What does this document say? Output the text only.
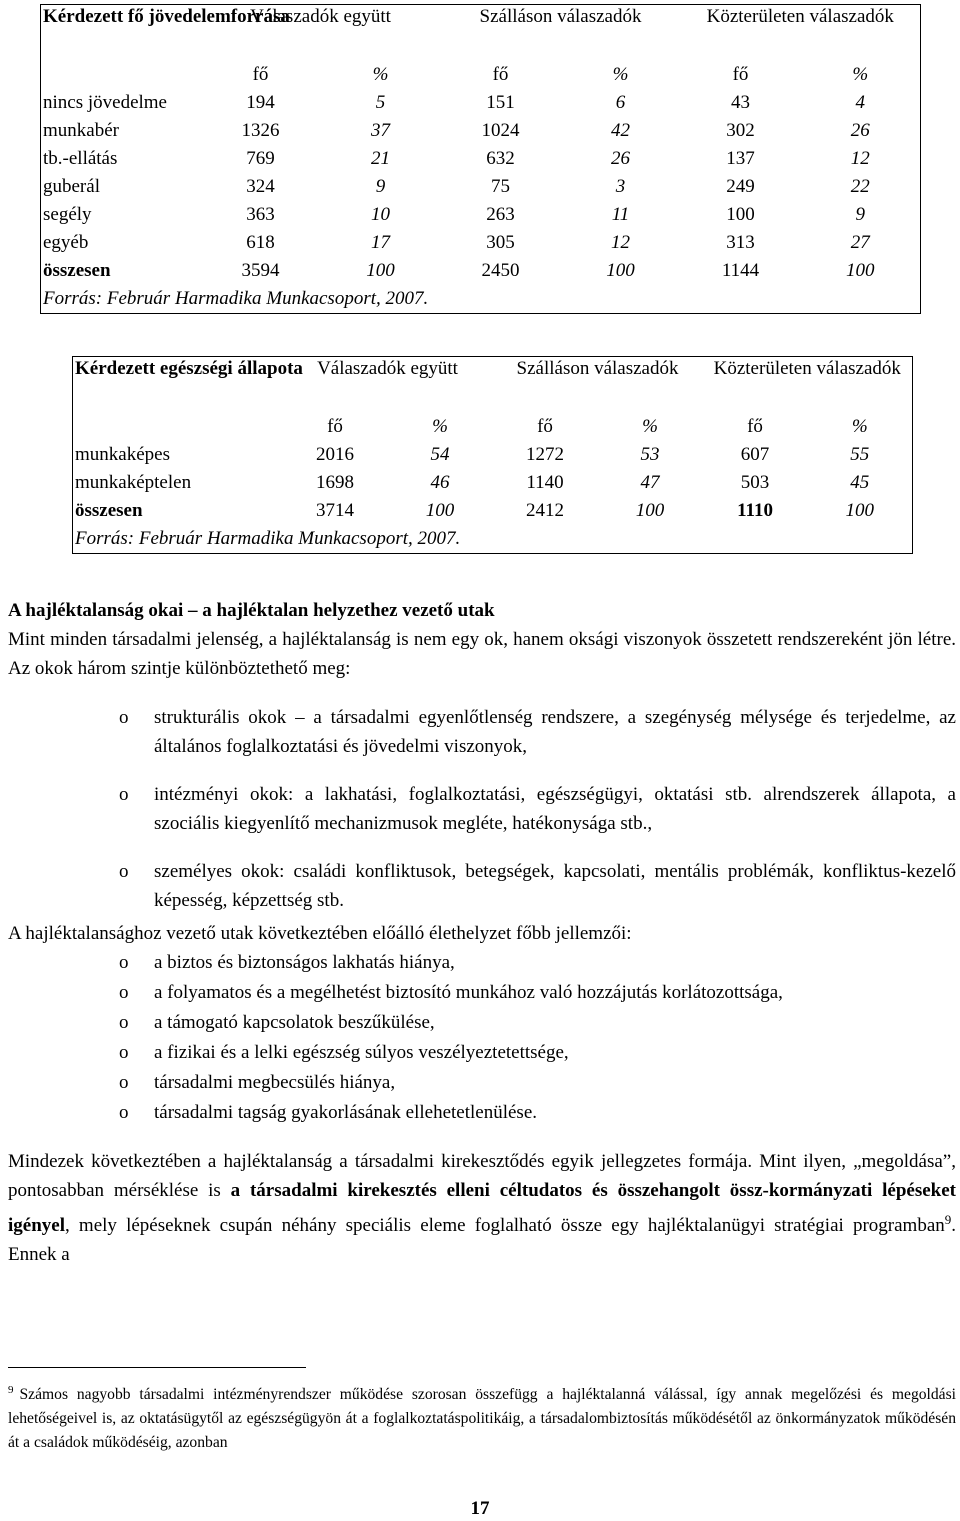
Kérdezett fő jövedelemforrása	Válaszadók együtt		Szálláson válaszadók		Közterületen válaszadók	
	fő	%	fő	%	fő	%
nincs jövedelme	194	5	151	6	43	4
munkabér	1326	37	1024	42	302	26
tb.-ellátás	769	21	632	26	137	12
guberál	324	9	75	3	249	22
segély	363	10	263	11	100	9
egyéb	618	17	305	12	313	27
összesen	3594	100	2450	100	1144	100
Forrás: Február Harmadika Munkacsoport, 2007.						
Kérdezett egészségi állapota	Válaszadók együtt		Szálláson válaszadók		Közterületen válaszadók	
	fő	%	fő	%	fő	%
munkaképes	2016	54	1272	53	607	55
munkaképtelen	1698	46	1140	47	503	45
összesen	3714	100	2412	100	1110	100
Forrás: Február Harmadika Munkacsoport, 2007.						

A hajléktalanság okai – a hajléktalan helyzethez vezető utak

Mint minden társadalmi jelenség, a hajléktalanság is nem egy ok, hanem oksági viszonyok összetett rendszereként jön létre. Az okok három szintje különböztethető meg:

o strukturális okok – a társadalmi egyenlőtlenség rendszere, a szegénység mélysége és terjedelme, az általános foglalkoztatási és jövedelmi viszonyok,
o intézményi okok: a lakhatási, foglalkoztatási, egészségügyi, oktatási stb. alrendszerek állapota, a szociális kiegyenlítő mechanizmusok megléte, hatékonysága stb.,
o személyes okok: családi konfliktusok, betegségek, kapcsolati, mentális problémák, konfliktus-kezelő képesség, képzettség stb.

A hajléktalansághoz vezető utak következtében előálló élethelyzet főbb jellemzői:

o a biztos és biztonságos lakhatás hiánya,
o a folyamatos és a megélhetést biztosító munkához való hozzájutás korlátozottsága,
o a támogató kapcsolatok beszűkülése,
o a fizikai és a lelki egészség súlyos veszélyeztetettsége,
o társadalmi megbecsülés hiánya,
o társadalmi tagság gyakorlásának ellehetetlenülése.

Mindezek következtében a hajléktalanság a társadalmi kirekesztődés egyik jellegzetes formája. Mint ilyen, „megoldása”, pontosabban mérséklése is a társadalmi kirekesztés elleni céltudatos és összehangolt össz-kormányzati lépéseket igényel, mely lépéseknek csupán néhány speciális eleme foglalható össze egy hajléktalanügyi stratégiai programban$^9$. Ennek a

$^9$ Számos nagyobb társadalmi intézményrendszer működése szorosan összefügg a hajléktalanná válással, így annak megelőzési és megoldási lehetőségeivel is, az oktatásügytől az egészségügyön át a foglalkoztatáspolitikáig, a társadalombiztosítás működésétől az önkormányzatok működésén át a családok működéséig, azonban
17
